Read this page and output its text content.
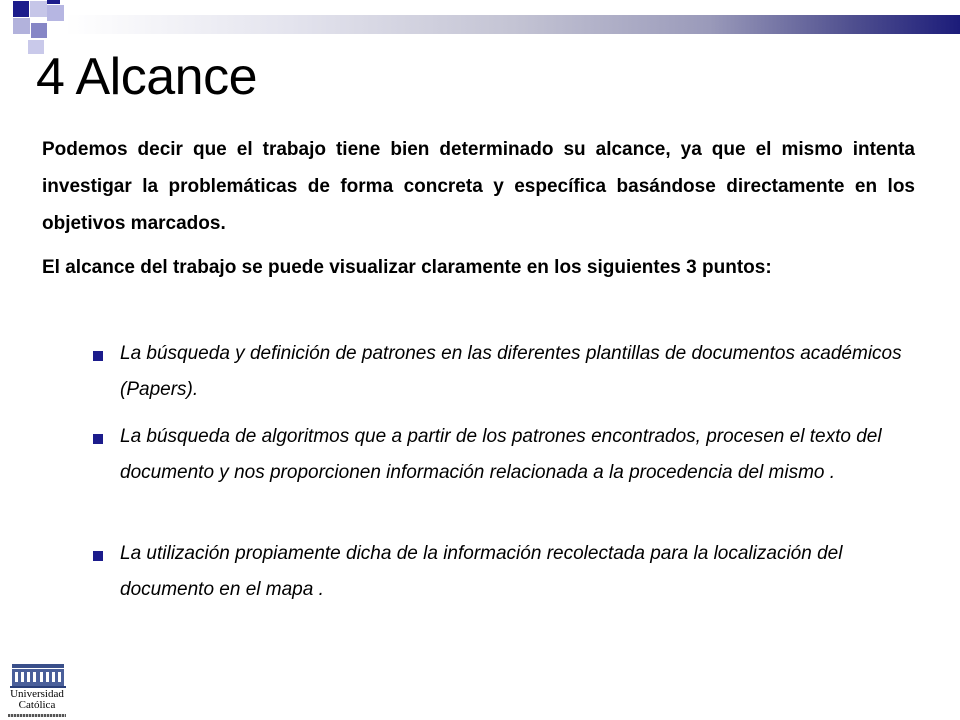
4 Alcance

Podemos decir que el trabajo tiene bien determinado su alcance, ya que el mismo intenta investigar la problemáticas de forma concreta y específica basándose directamente en los objetivos marcados.

El alcance del trabajo se puede visualizar claramente en los siguientes 3 puntos:

La búsqueda y definición de patrones en las diferentes plantillas de documentos académicos (Papers).

La búsqueda de algoritmos que a partir de los patrones encontrados, procesen el texto del documento y nos proporcionen información relacionada a la procedencia del mismo .

La utilización propiamente dicha de la información recolectada para la localización del documento en el mapa .

Universidad
Católica
